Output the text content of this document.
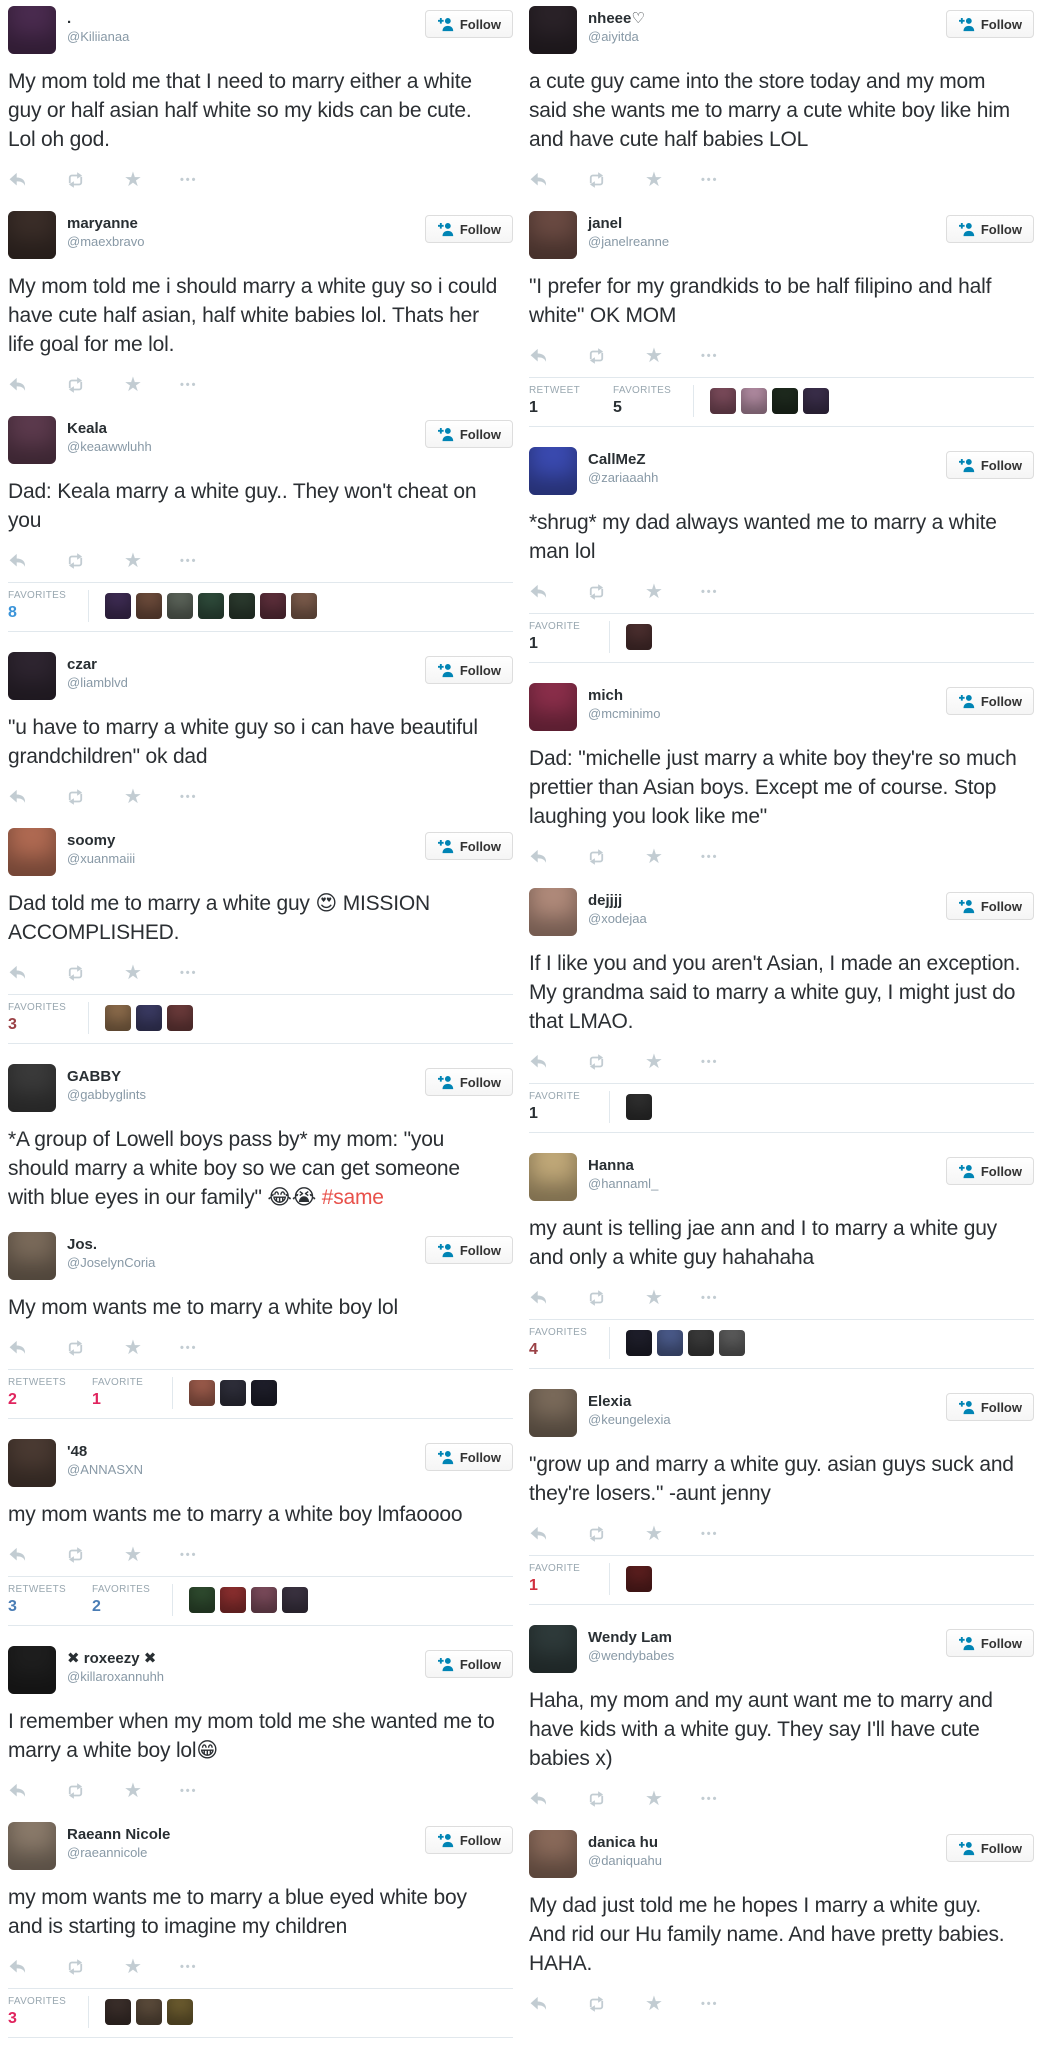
.
@Kiliianaa
Follow

My mom told me that I need to marry either a white guy or half asian half white so my kids can be cute. Lol oh god.

★
•••
maryanne
@maexbravo
Follow

My mom told me i should marry a white guy so i could have cute half asian, half white babies lol. Thats her life goal for me lol.

★
•••
Keala
@keaawwluhh
Follow

Dad: Keala marry a white guy.. They won't cheat on you

★
•••
FAVORITES
8
czar
@liamblvd
Follow

"u have to marry a white guy so i can have beautiful grandchildren" ok dad

★
•••
soomy
@xuanmaiii
Follow

Dad told me to marry a white guy 😍 MISSION ACCOMPLISHED.

★
•••
FAVORITES
3
GABBY
@gabbyglints
Follow

*A group of Lowell boys pass by* my mom: "you should marry a white boy so we can get someone with blue eyes in our family" 😂😭 #same

Jos.
@JoselynCoria
Follow

My mom wants me to marry a white boy lol

★
•••
RETWEETS
2
FAVORITE
1
'48
@ANNASXN
Follow

my mom wants me to marry a white boy lmfaoooo

★
•••
RETWEETS
3
FAVORITES
2
✖ roxeezy ✖
@killaroxannuhh
Follow

I remember when my mom told me she wanted me to marry a white boy lol😁

★
•••
Raeann Nicole
@raeannicole
Follow

my mom wants me to marry a blue eyed white boy and is starting to imagine my children

★
•••
FAVORITES
3
nheee♡
@aiyitda
Follow

a cute guy came into the store today and my mom said she wants me to marry a cute white boy like him and have cute half babies LOL

★
•••
janel
@janelreanne
Follow

"I prefer for my grandkids to be half filipino and half white" OK MOM

★
•••
RETWEET
1
FAVORITES
5
CallMeZ
@zariaaahh
Follow

*shrug* my dad always wanted me to marry a white man lol

★
•••
FAVORITE
1
mich
@mcminimo
Follow

Dad: "michelle just marry a white boy they're so much prettier than Asian boys. Except me of course. Stop laughing you look like me"

★
•••
dejjjj
@xodejaa
Follow

If I like you and you aren't Asian, I made an exception. My grandma said to marry a white guy, I might just do that LMAO.

★
•••
FAVORITE
1
Hanna
@hannaml_
Follow

my aunt is telling jae ann and I to marry a white guy and only a white guy hahahaha

★
•••
FAVORITES
4
Elexia
@keungelexia
Follow

"grow up and marry a white guy. asian guys suck and they're losers." -aunt jenny

★
•••
FAVORITE
1
Wendy Lam
@wendybabes
Follow

Haha, my mom and my aunt want me to marry and have kids with a white guy. They say I'll have cute babies x)

★
•••
danica hu
@daniquahu
Follow

My dad just told me he hopes I marry a white guy. And rid our Hu family name. And have pretty babies. HAHA.

★
•••
